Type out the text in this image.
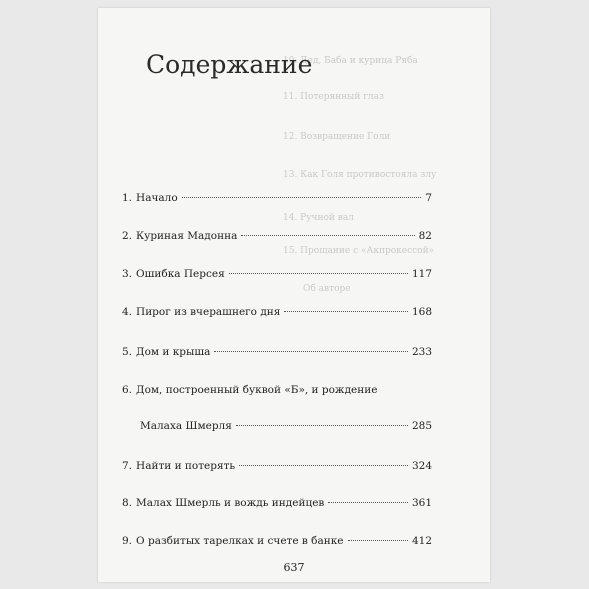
10. Дед, Баба и курица Рябa
11. Потерянный глаз
12. Возвращение Голи
13. Как Голя противостояла злу
14. Ручной вал
15. Прощание с «Акпрокессой»
Об авторе
Содержание
1. Начало	7
2. Куриная Мадонна	82
3. Ошибка Персея	117
4. Пирог из вчерашнего дня	168
5. Дом и крыша	233
6. Дом, построенный буквой «Б», и рождение
Малаха Шмерля	285
7. Найти и потерять	324
8. Малах Шмерль и вождь индейцев	361
9. О разбитых тарелках и счете в банке	412
637
